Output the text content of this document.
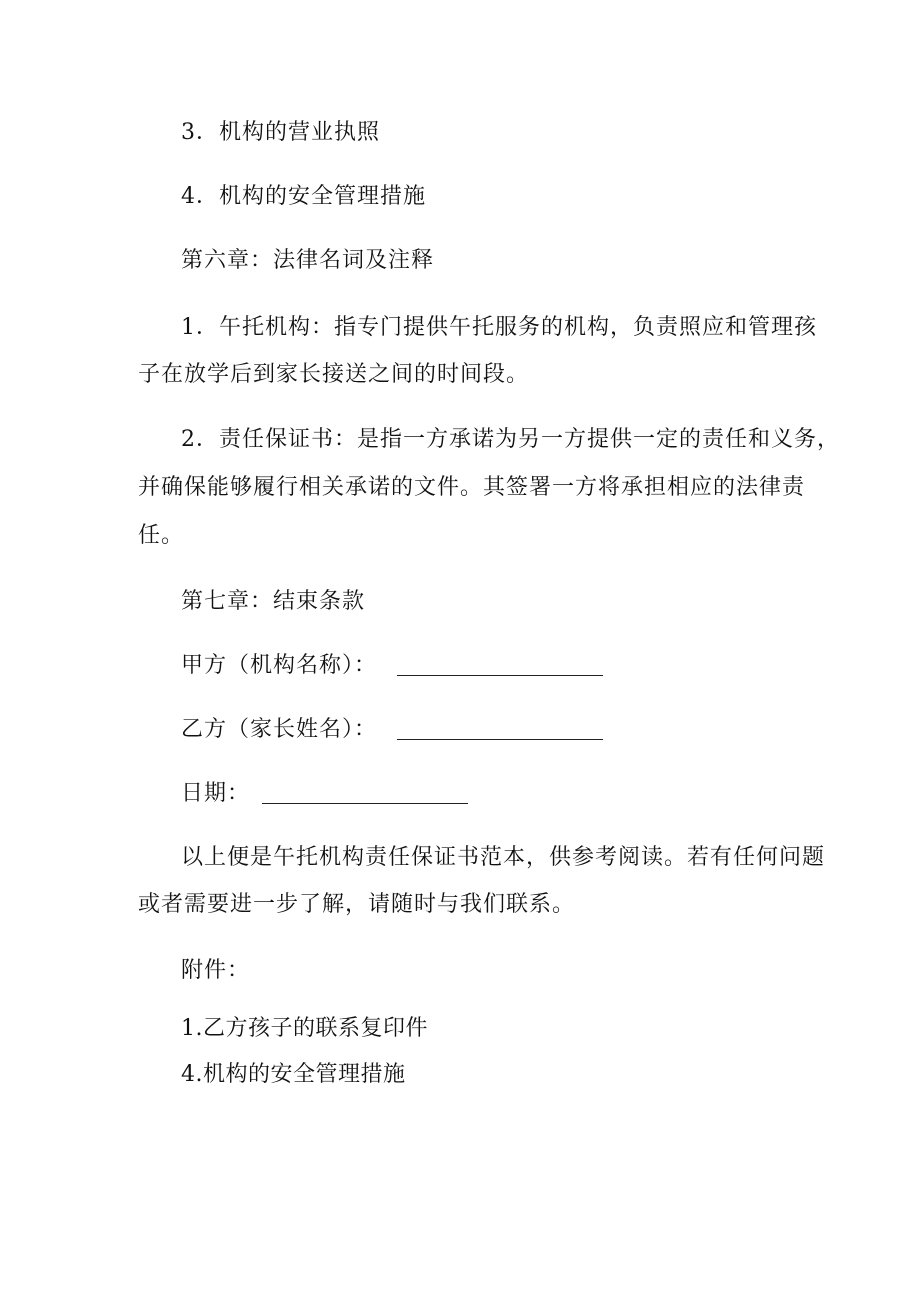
3．机构的营业执照
4．机构的安全管理措施
第六章：法律名词及注释
1．午托机构：指专门提供午托服务的机构，负责照应和管理孩
子在放学后到家长接送之间的时间段。
2．责任保证书：是指一方承诺为另一方提供一定的责任和义务，
并确保能够履行相关承诺的文件。其签署一方将承担相应的法律责
任。
第七章：结束条款
甲方（机构名称）：
乙方（家长姓名）：
日期：
以上便是午托机构责任保证书范本，供参考阅读。若有任何问题
或者需要进一步了解，请随时与我们联系。
附件：
1.乙方孩子的联系复印件
4.机构的安全管理措施
